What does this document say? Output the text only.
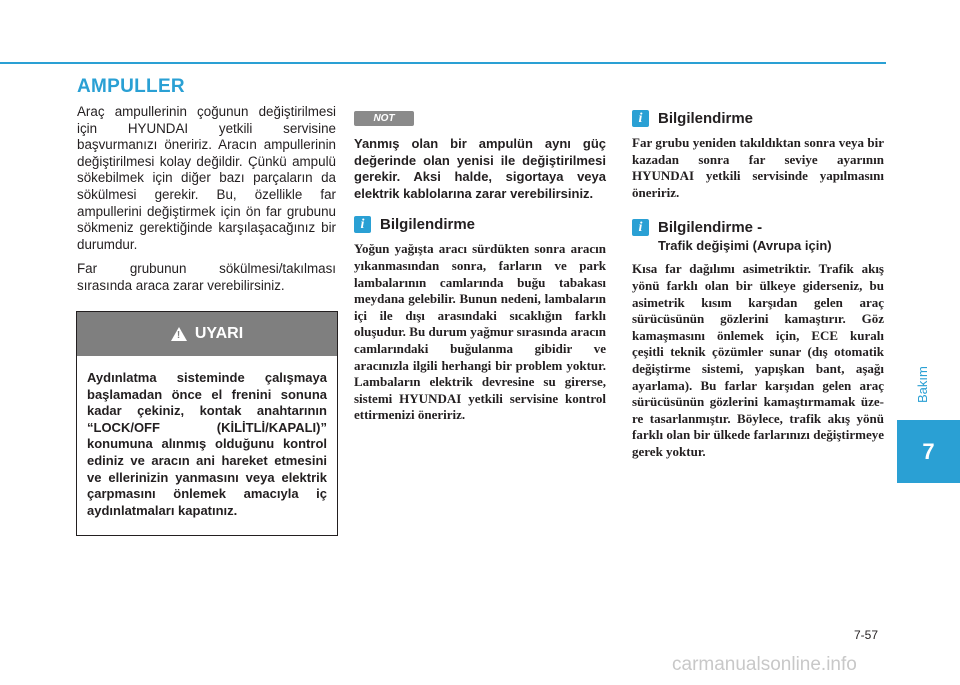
AMPULLER

Araç ampullerinin çoğunun değiştirilmesi için HYUNDAI yetkili servisine başvurmanızı öneririz. Aracın ampullerinin değiştirilmesi kolay değildir. Çünkü ampulü sökebilmek için diğer bazı parçaların da sökülmesi gerekir. Bu, özellikle far ampullerini değiştirmek için ön far grubunu sökmeniz gerektiğinde karşılaşacağınız bir durumdur.

Far grubunun sökülmesi/takılması sırasında araca zarar verebilirsiniz.

! UYARI
Aydınlatma sisteminde çalışmaya başlamadan önce el frenini sonuna kadar çekiniz, kontak anahtarının “LOCK/OFF (KİLİTLİ/KAPALI)” konumuna alınmış olduğunu kontrol ediniz ve aracın ani hareket etmesini ve ellerinizin yanmasını veya elektrik çarpmasını önlemek amacıyla iç aydınlatmaları kapatınız.
NOT
Yanmış olan bir ampulün aynı güç değerinde olan yenisi ile değiştirilmesi gerekir. Aksi halde, sigortaya veya elektrik kablolarına zarar verebilirsiniz.
i	Bilgilendirme
Yoğun yağışta aracı sürdükten sonra aracın yıkanmasından sonra, farların ve park lambalarının camlarında buğu tabakası meydana gelebilir. Bunun nedeni, lambaların içi ile dışı arasındaki sıcaklığın farklı oluşudur. Bu durum yağmur sırasında aracın camlarındaki buğulanma gibidir ve aracınızla ilgili herhangi bir problem yoktur. Lambaların elektrik devresine su girerse, sistemi HYUNDAI yetkili servisine kontrol ettirmenizi öneririz.
i	Bilgilendirme
Far grubu yeniden takıldıktan sonra veya bir kazadan sonra far seviye ayarının HYUNDAI yetkili servisinde yapılmasını öneririz.
i	Bilgilendirme -
Trafik değişimi (Avrupa için)
Kısa far dağılımı asimetriktir. Trafik akış yönü farklı olan bir ülkeye giderseniz, bu asimetrik kısım karşıdan gelen araç sürücüsünün gözlerini kamaştırır. Göz kamaşmasını önlemek için, ECE kuralı çeşitli teknik çözümler sunar (dış otomatik değiştirme sistemi, yapışkan bant, aşağı ayarlama). Bu farlar karşıdan gelen araç sürücüsünün gözlerini kamaştırmamak üzere tasarlanmıştır. Böylece, trafik akış yönü farklı olan bir ülkede farlarınızı değiştirmeye gerek yoktur.
Bakım
7
7-57
carmanualsonline.info
